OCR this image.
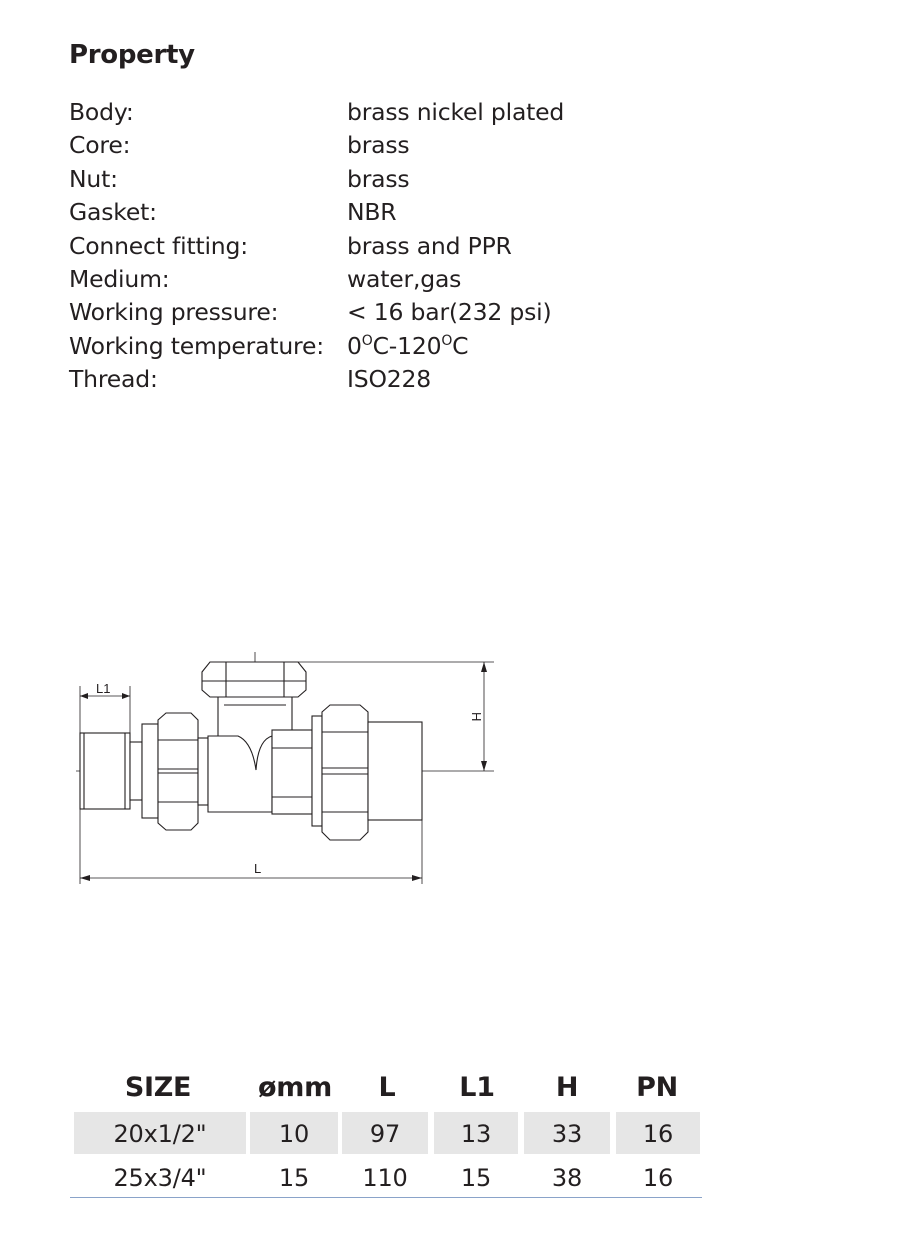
Property
Body:	brass nickel plated
Core:	brass
Nut:	brass
Gasket:	NBR
Connect fitting:	brass and PPR
Medium:	water,gas
Working pressure:	< 16 bar(232 psi)
Working temperature: $0^OC-120^OC$
Thread:	ISO228
L1
L
H
SIZE	ømm	L	L1	H	PN
20x1/2"	10	97	13	33	16
25x3/4"	15	110	15	38	16
